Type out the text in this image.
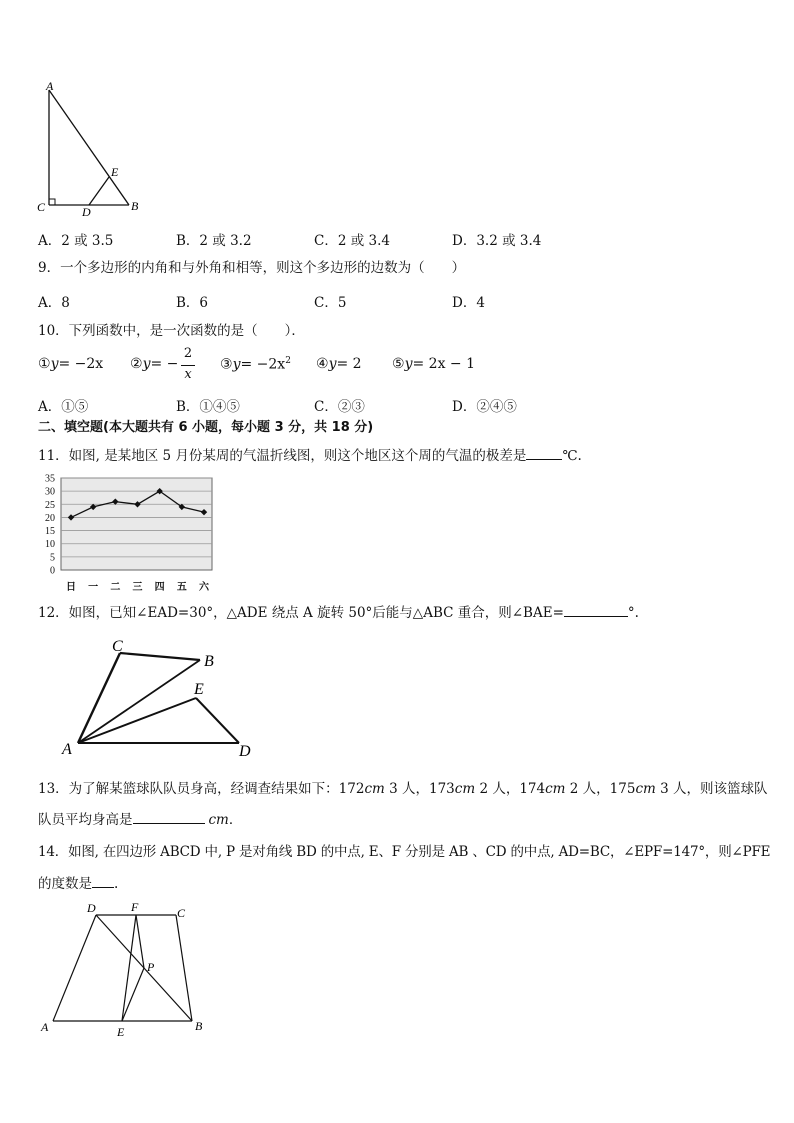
A
C	D
E
B
A．2 或 3.5	B．2 或 3.2	C．2 或 3.4	D．3.2 或 3.4
9．一个多边形的内角和与外角和相等，则这个多边形的边数为（　　）
A．8	B．6	C．5	D．4
10．下列函数中，是一次函数的是（　　）．
①y= −2x ②y= −
2
x
③y= $-2x^2$ ④y= 2 ⑤y= 2x − 1
A．①⑤	B．①④⑤	C．②③	D．②④⑤
二、填空题(本大题共有 6 小题，每小题 3 分，共 18 分)
11．如图, 是某地区 5 月份某周的气温折线图，则这个地区这个周的气温的极差是	℃.
0
5
10
15
20
25
30
35
日 一 二 三 四 五 六
12．如图，已知∠EAD=30°，△ADE 绕点 A 旋转 50°后能与△ABC 重合，则∠BAE=	°.
C
B
E
A	D
13．为了解某篮球队队员身高，经调查结果如下：172cm 3 人，173cm 2 人，174cm 2 人，175cm 3 人，则该篮球队
队员平均身高是	cm．
14．如图, 在四边形 ABCD 中, P 是对角线 BD 的中点, E、F 分别是 AB 、CD 的中点, AD=BC，∠EPF=147°，则∠PFE
的度数是 .
D	F	C
P
A	E	B
